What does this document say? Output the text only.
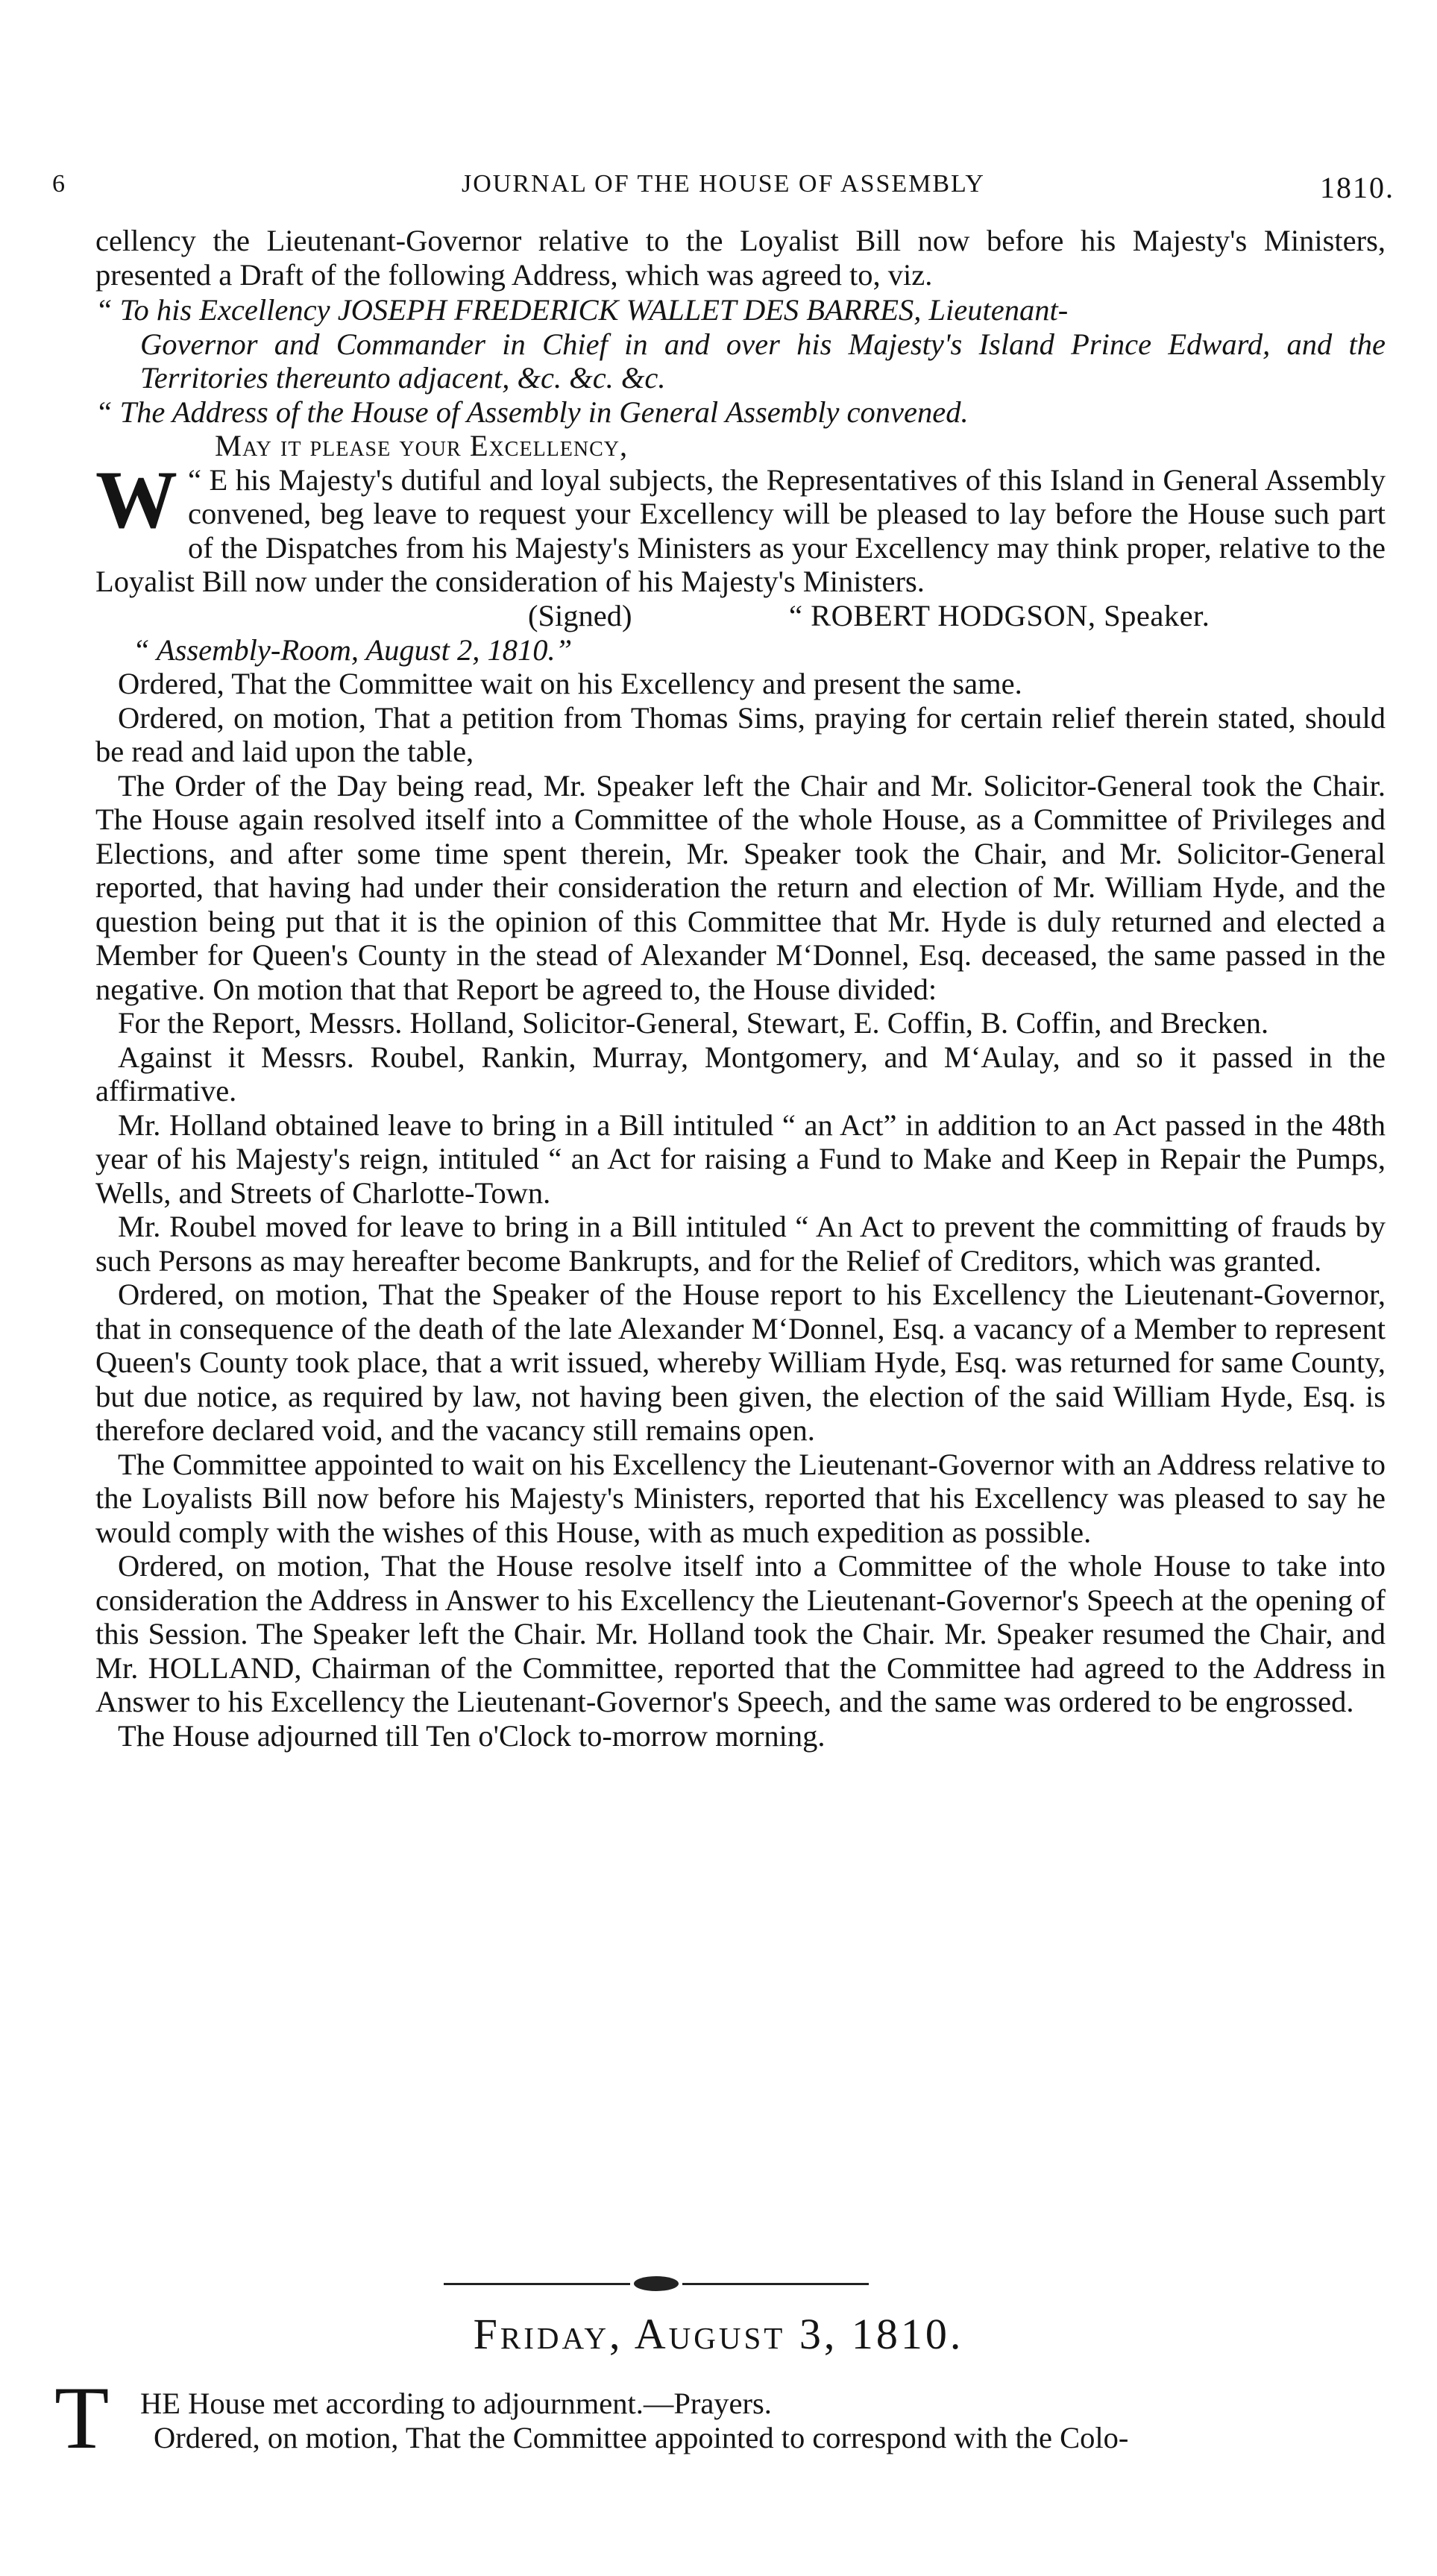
6	JOURNAL OF THE HOUSE OF ASSEMBLY	1810.

cellency the Lieutenant-Governor relative to the Loyalist Bill now before his Majesty's Ministers, presented a Draft of the following Address, which was agreed to, viz.

“ To his Excellency JOSEPH FREDERICK WALLET DES BARRES, Lieutenant-
Governor and Commander in Chief in and over his Majesty's Island Prince Edward, and the Territories thereunto adjacent, &c. &c. &c.
“ The Address of the House of Assembly in General Assembly convened.
May it please your Excellency,

“
W E his Majesty's dutiful and loyal subjects, the Representatives of this Island in General Assembly convened, beg leave to request your Excellency will be pleased to lay before the House such part of the Dispatches from his Majesty's Ministers as your Excellency may think proper, relative to the Loyalist Bill now under the consideration of his Majesty's Ministers.

(Signed)	“ ROBERT HODGSON, Speaker.
“ Assembly-Room, August 2, 1810.”

Ordered, That the Committee wait on his Excellency and present the same.

Ordered, on motion, That a petition from Thomas Sims, praying for certain relief therein stated, should be read and laid upon the table,

The Order of the Day being read, Mr. Speaker left the Chair and Mr. Solicitor-General took the Chair. The House again resolved itself into a Committee of the whole House, as a Committee of Privileges and Elections, and after some time spent therein, Mr. Speaker took the Chair, and Mr. Solicitor-General reported, that having had under their consideration the return and election of Mr. William Hyde, and the question being put that it is the opinion of this Committee that Mr. Hyde is duly returned and elected a Member for Queen's County in the stead of Alexander M‘Donnel, Esq. deceased, the same passed in the negative. On motion that that Report be agreed to, the House divided:

For the Report, Messrs. Holland, Solicitor-General, Stewart, E. Coffin, B. Coffin, and Brecken.

Against it Messrs. Roubel, Rankin, Murray, Montgomery, and M‘Aulay, and so it passed in the affirmative.

Mr. Holland obtained leave to bring in a Bill intituled “ an Act” in addition to an Act passed in the 48th year of his Majesty's reign, intituled “ an Act for raising a Fund to Make and Keep in Repair the Pumps, Wells, and Streets of Charlotte-Town.

Mr. Roubel moved for leave to bring in a Bill intituled “ An Act to prevent the committing of frauds by such Persons as may hereafter become Bankrupts, and for the Relief of Creditors, which was granted.

Ordered, on motion, That the Speaker of the House report to his Excellency the Lieutenant-Governor, that in consequence of the death of the late Alexander M‘Donnel, Esq. a vacancy of a Member to represent Queen's County took place, that a writ issued, whereby William Hyde, Esq. was returned for same County, but due notice, as required by law, not having been given, the election of the said William Hyde, Esq. is therefore declared void, and the vacancy still remains open.

The Committee appointed to wait on his Excellency the Lieutenant-Governor with an Address relative to the Loyalists Bill now before his Majesty's Ministers, reported that his Excellency was pleased to say he would comply with the wishes of this House, with as much expedition as possible.

Ordered, on motion, That the House resolve itself into a Committee of the whole House to take into consideration the Address in Answer to his Excellency the Lieutenant-Governor's Speech at the opening of this Session. The Speaker left the Chair. Mr. Holland took the Chair. Mr. Speaker resumed the Chair, and Mr. HOLLAND, Chairman of the Committee, reported that the Committee had agreed to the Address in Answer to his Excellency the Lieutenant-Governor's Speech, and the same was ordered to be engrossed.

The House adjourned till Ten o'Clock to-morrow morning.

Friday, August 3, 1810.
T	HE House met according to adjournment.—Prayers.
Ordered, on motion, That the Committee appointed to correspond with the Colo-
